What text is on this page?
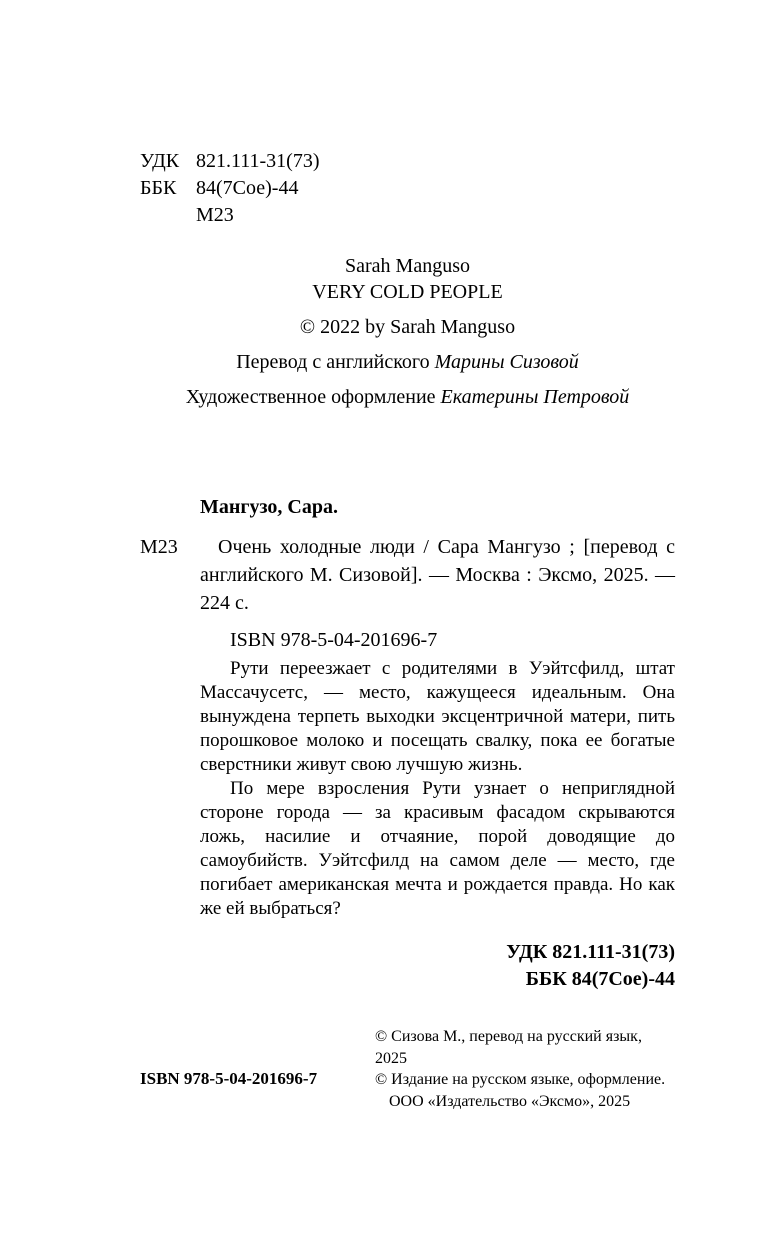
УДК 821.111-31(73)
ББК 84(7Сое)-44
М23
Sarah Manguso
VERY COLD PEOPLE
© 2022 by Sarah Manguso
Перевод с английского Марины Сизовой
Художественное оформление Екатерины Петровой
Мангузо, Сара.
М23	Очень холодные люди / Сара Мангузо ; [перевод с английского М. Сизовой]. — Москва : Эксмо, 2025. — 224 с.

ISBN 978-5-04-201696-7

Рути переезжает с родителями в Уэйтсфилд, штат Массачусетс, — место, кажущееся идеальным. Она вынуждена терпеть выходки эксцентричной матери, пить порошковое молоко и посещать свалку, пока ее богатые сверстники живут свою лучшую жизнь.

По мере взросления Рути узнает о неприглядной стороне города — за красивым фасадом скрываются ложь, насилие и отчаяние, порой доводящие до самоубийств. Уэйтсфилд на самом деле — место, где погибает американская мечта и рождается правда. Но как же ей выбраться?

УДК 821.111-31(73)
ББК 84(7Сое)-44
© Сизова М., перевод на русский язык, 2025
© Издание на русском языке, оформление.
ООО «Издательство «Эксмо», 2025
ISBN 978-5-04-201696-7
